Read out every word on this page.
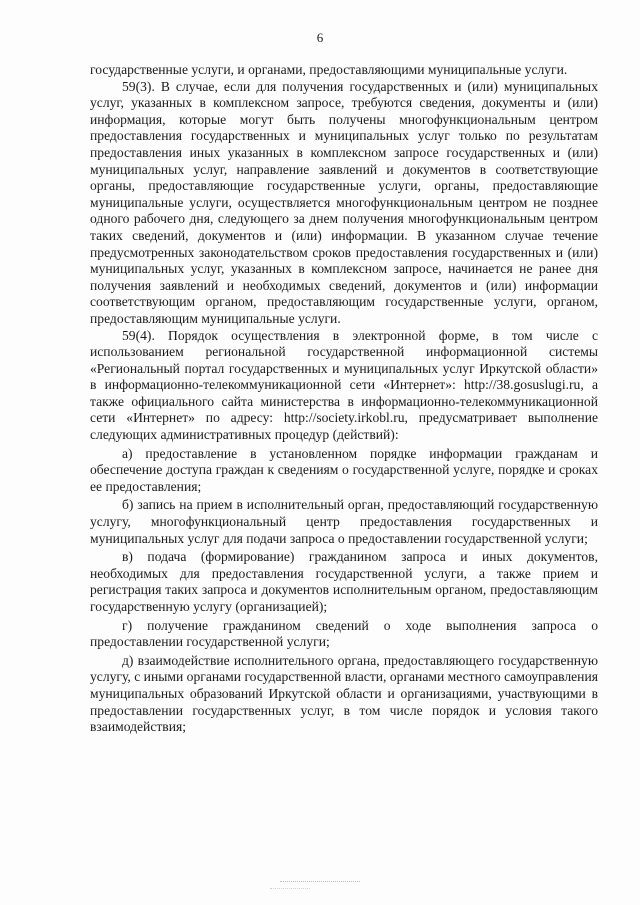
6

государственные услуги, и органами, предоставляющими муниципальные услуги.

59(3). В случае, если для получения государственных и (или) муниципальных услуг, указанных в комплексном запросе, требуются сведения, документы и (или) информация, которые могут быть получены многофункциональным центром предоставления государственных и муниципальных услуг только по результатам предоставления иных указанных в комплексном запросе государственных и (или) муниципальных услуг, направление заявлений и документов в соответствующие органы, предоставляющие государственные услуги, органы, предоставляющие муниципальные услуги, осуществляется многофункциональным центром не позднее одного рабочего дня, следующего за днем получения многофункциональным центром таких сведений, документов и (или) информации. В указанном случае течение предусмотренных законодательством сроков предоставления государственных и (или) муниципальных услуг, указанных в комплексном запросе, начинается не ранее дня получения заявлений и необходимых сведений, документов и (или) информации соответствующим органом, предоставляющим государственные услуги, органом, предоставляющим муниципальные услуги.

59(4). Порядок осуществления в электронной форме, в том числе с использованием региональной государственной информационной системы «Региональный портал государственных и муниципальных услуг Иркутской области» в информационно-телекоммуникационной сети «Интернет»: http://38.gosuslugi.ru, а также официального сайта министерства в информационно-телекоммуникационной сети «Интернет» по адресу: http://society.irkobl.ru, предусматривает выполнение следующих административных процедур (действий):

а) предоставление в установленном порядке информации гражданам и обеспечение доступа граждан к сведениям о государственной услуге, порядке и сроках ее предоставления;

б) запись на прием в исполнительный орган, предоставляющий государственную услугу, многофункциональный центр предоставления государственных и муниципальных услуг для подачи запроса о предоставлении государственной услуги;

в) подача (формирование) гражданином запроса и иных документов, необходимых для предоставления государственной услуги, а также прием и регистрация таких запроса и документов исполнительным органом, предоставляющим государственную услугу (организацией);

г) получение гражданином сведений о ходе выполнения запроса о предоставлении государственной услуги;

д) взаимодействие исполнительного органа, предоставляющего государственную услугу, с иными органами государственной власти, органами местного самоуправления муниципальных образований Иркутской области и организациями, участвующими в предоставлении государственных услуг, в том числе порядок и условия такого взаимодействия;
